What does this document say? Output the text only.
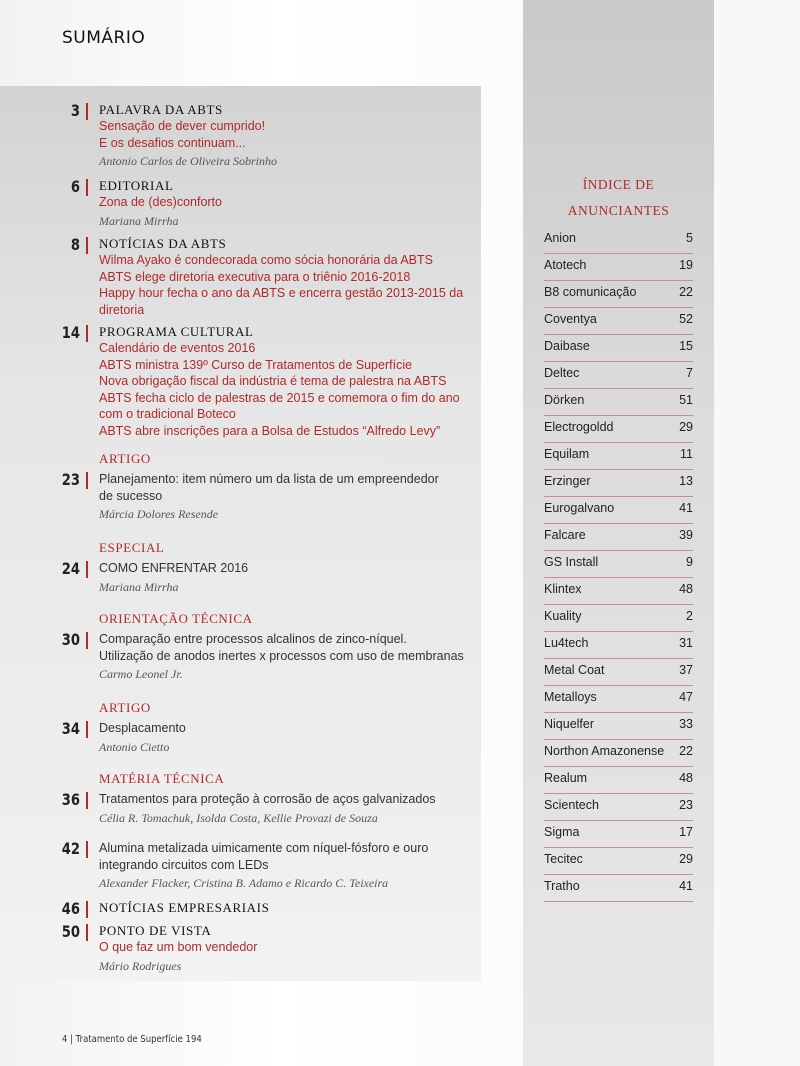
SUMÁRIO
3 PALAVRA DA ABTS
Sensação de dever cumprido!
E os desafios continuam...
Antonio Carlos de Oliveira Sobrinho
6 EDITORIAL
Zona de (des)conforto
Mariana Mirrha
8 NOTÍCIAS DA ABTS
Wilma Ayako é condecorada como sócia honorária da ABTS
ABTS elege diretoria executiva para o triênio 2016-2018
Happy hour fecha o ano da ABTS e encerra gestão 2013-2015 da
diretoria
14 PROGRAMA CULTURAL
Calendário de eventos 2016
ABTS ministra 139º Curso de Tratamentos de Superfície
Nova obrigação fiscal da indústria é tema de palestra na ABTS
ABTS fecha ciclo de palestras de 2015 e comemora o fim do ano
com o tradicional Boteco
ABTS abre inscrições para a Bolsa de Estudos “Alfredo Levy”
23
ARTIGO
Planejamento: item número um da lista de um empreendedor
de sucesso
Márcia Dolores Resende
24
ESPECIAL
COMO ENFRENTAR 2016
Mariana Mirrha
30
ORIENTAÇÃO TÉCNICA
Comparação entre processos alcalinos de zinco-níquel.
Utilização de anodos inertes x processos com uso de membranas
Carmo Leonel Jr.
34
ARTIGO
Desplacamento
Antonio Cietto
36
MATÉRIA TÉCNICA
Tratamentos para proteção à corrosão de aços galvanizados
Célia R. Tomachuk, Isolda Costa, Kellie Provazi de Souza
42 Alumina metalizada uimicamente com níquel-fósforo e ouro
integrando circuitos com LEDs
Alexander Flacker, Cristina B. Adamo e Ricardo C. Teixeira
46 NOTÍCIAS EMPRESARIAIS
50 PONTO DE VISTA
O que faz um bom vendedor
Mário Rodrigues
ÍNDICE DE
ANUNCIANTES
Anion	5
Atotech	19
B8 comunicação	22
Coventya	52
Daibase	15
Deltec	7
Dörken	51
Electrogoldd	29
Equilam	11
Erzinger	13
Eurogalvano	41
Falcare	39
GS Install	9
Klintex	48
Kuality	2
Lu4tech	31
Metal Coat	37
Metalloys	47
Niquelfer	33
Northon Amazonense 22
Realum	48
Scientech	23
Sigma	17
Tecitec	29
Tratho	41
4 | Tratamento de Superfície 194
